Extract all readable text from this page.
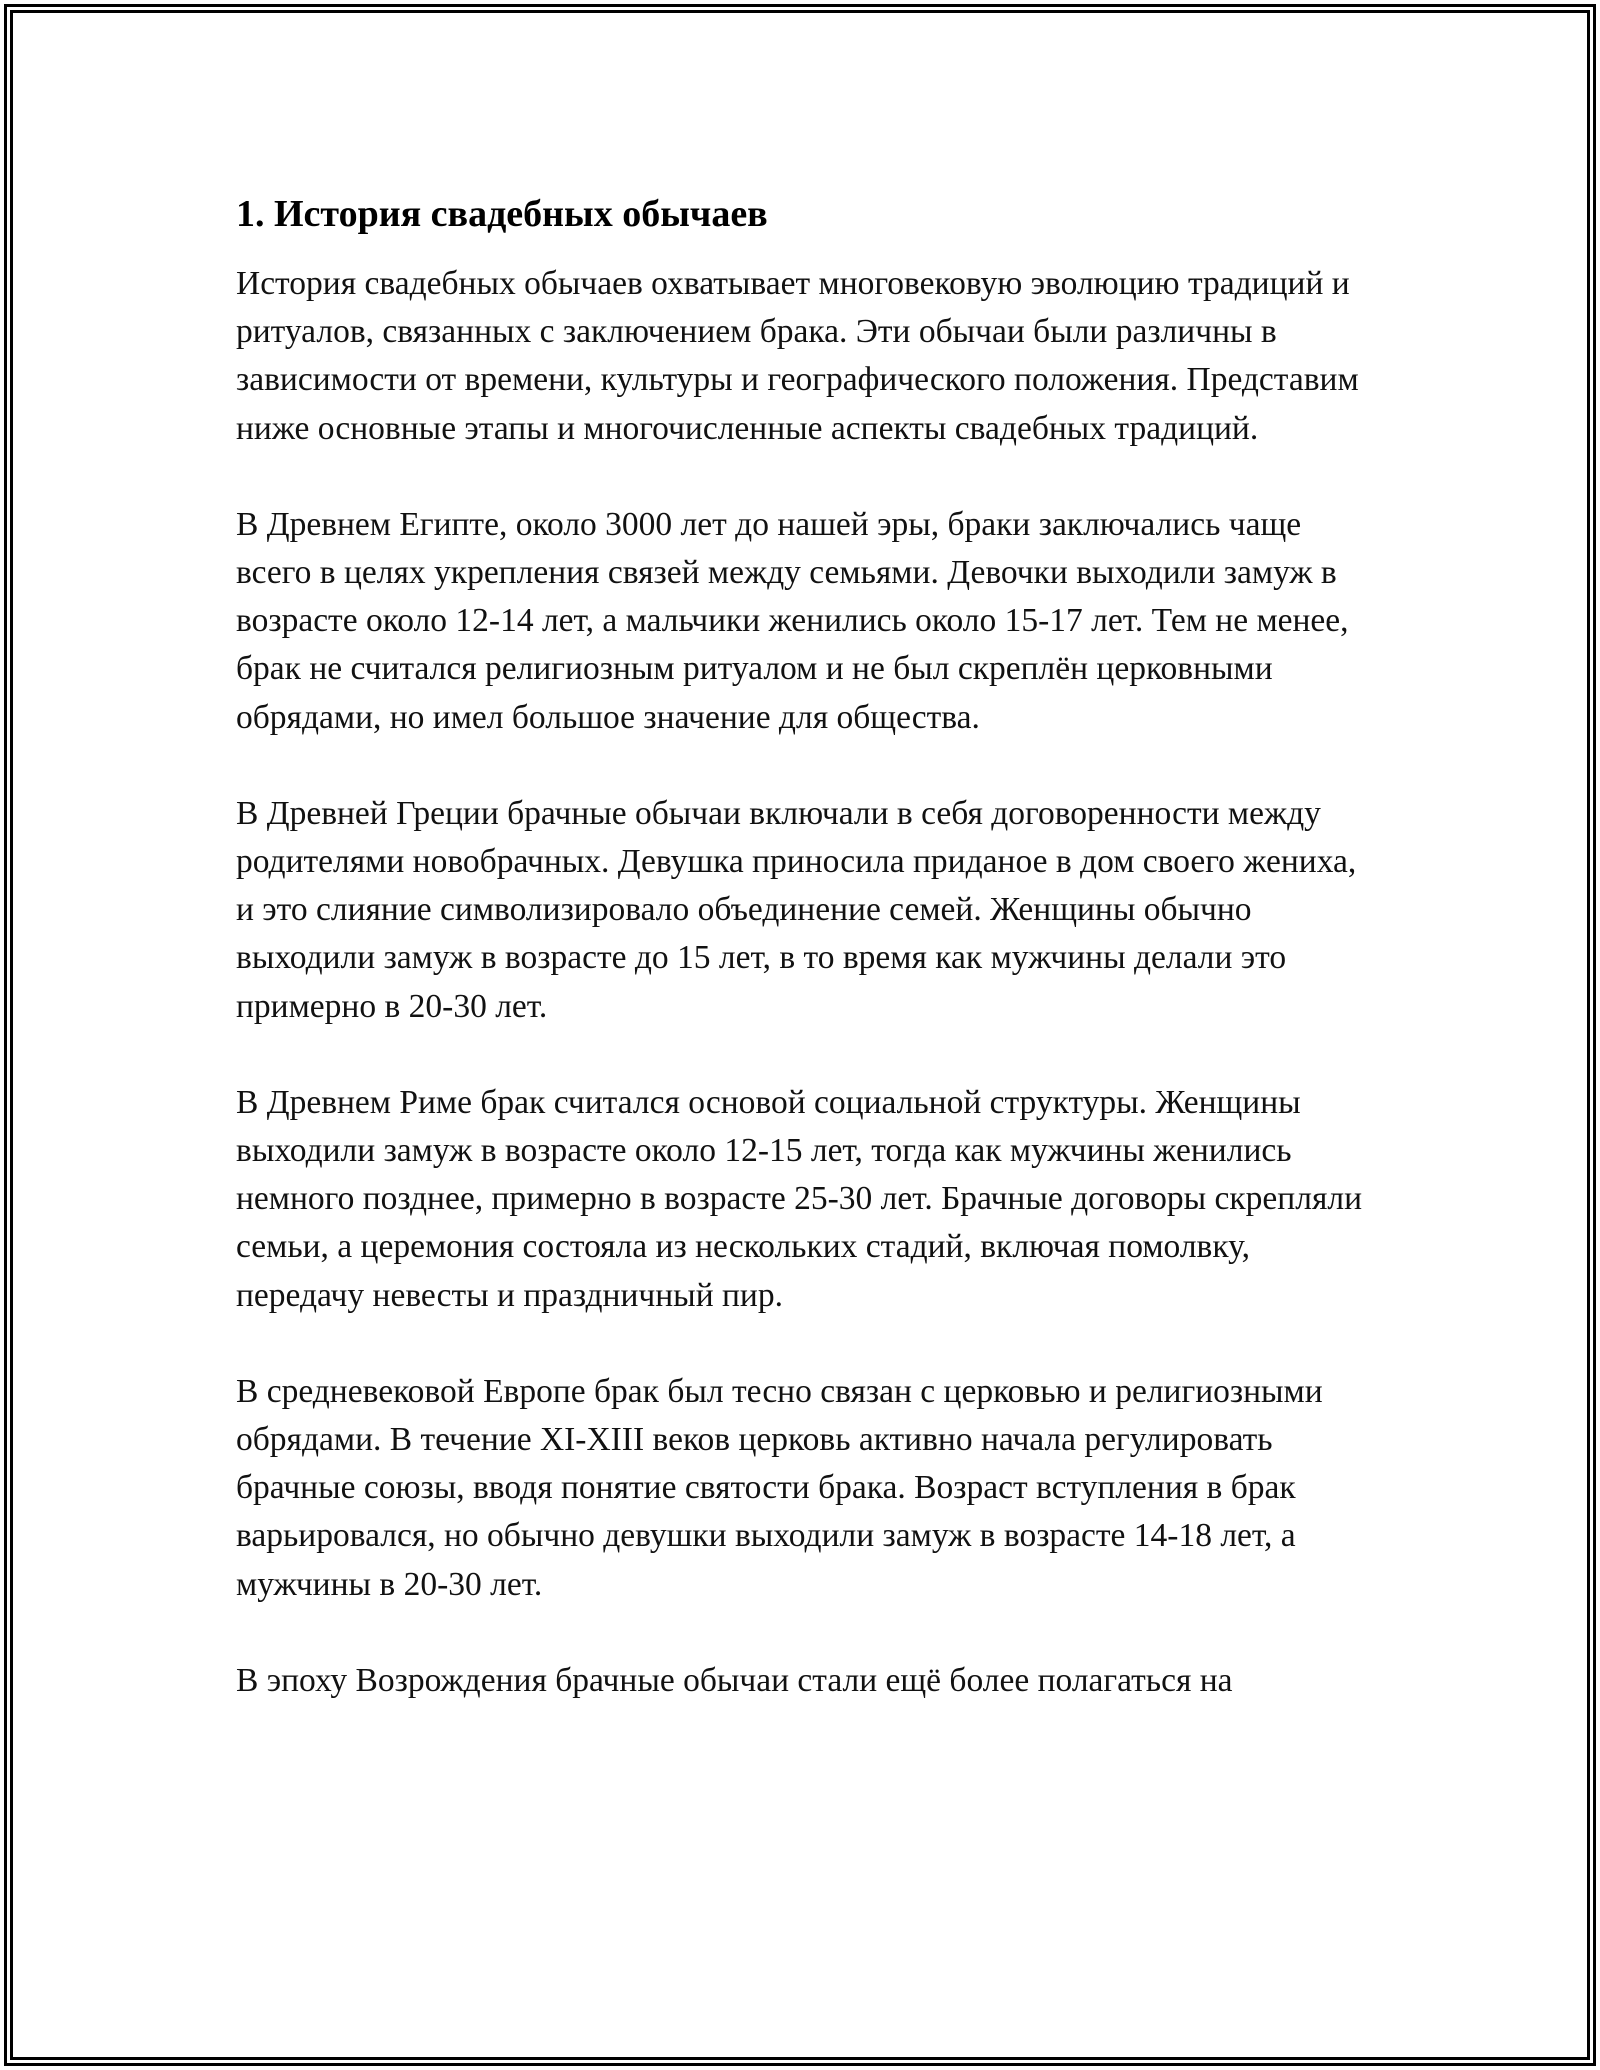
1. История свадебных обычаев

История свадебных обычаев охватывает многовековую эволюцию традиций и ритуалов, связанных с заключением брака. Эти обычаи были различны в зависимости от времени, культуры и географического положения. Представим ниже основные этапы и многочисленные аспекты свадебных традиций.

В Древнем Египте, около 3000 лет до нашей эры, браки заключались чаще всего в целях укрепления связей между семьями. Девочки выходили замуж в возрасте около 12-14 лет, а мальчики женились около 15-17 лет. Тем не менее, брак не считался религиозным ритуалом и не был скреплён церковными обрядами, но имел большое значение для общества.

В Древней Греции брачные обычаи включали в себя договоренности между родителями новобрачных. Девушка приносила приданое в дом своего жениха, и это слияние символизировало объединение семей. Женщины обычно выходили замуж в возрасте до 15 лет, в то время как мужчины делали это примерно в 20-30 лет.

В Древнем Риме брак считался основой социальной структуры. Женщины выходили замуж в возрасте около 12-15 лет, тогда как мужчины женились немного позднее, примерно в возрасте 25-30 лет. Брачные договоры скрепляли семьи, а церемония состояла из нескольких стадий, включая помолвку, передачу невесты и праздничный пир.

В средневековой Европе брак был тесно связан с церковью и религиозными обрядами. В течение XI-XIII веков церковь активно начала регулировать брачные союзы, вводя понятие святости брака. Возраст вступления в брак варьировался, но обычно девушки выходили замуж в возрасте 14-18 лет, а мужчины в 20-30 лет.

В эпоху Возрождения брачные обычаи стали ещё более полагаться на
